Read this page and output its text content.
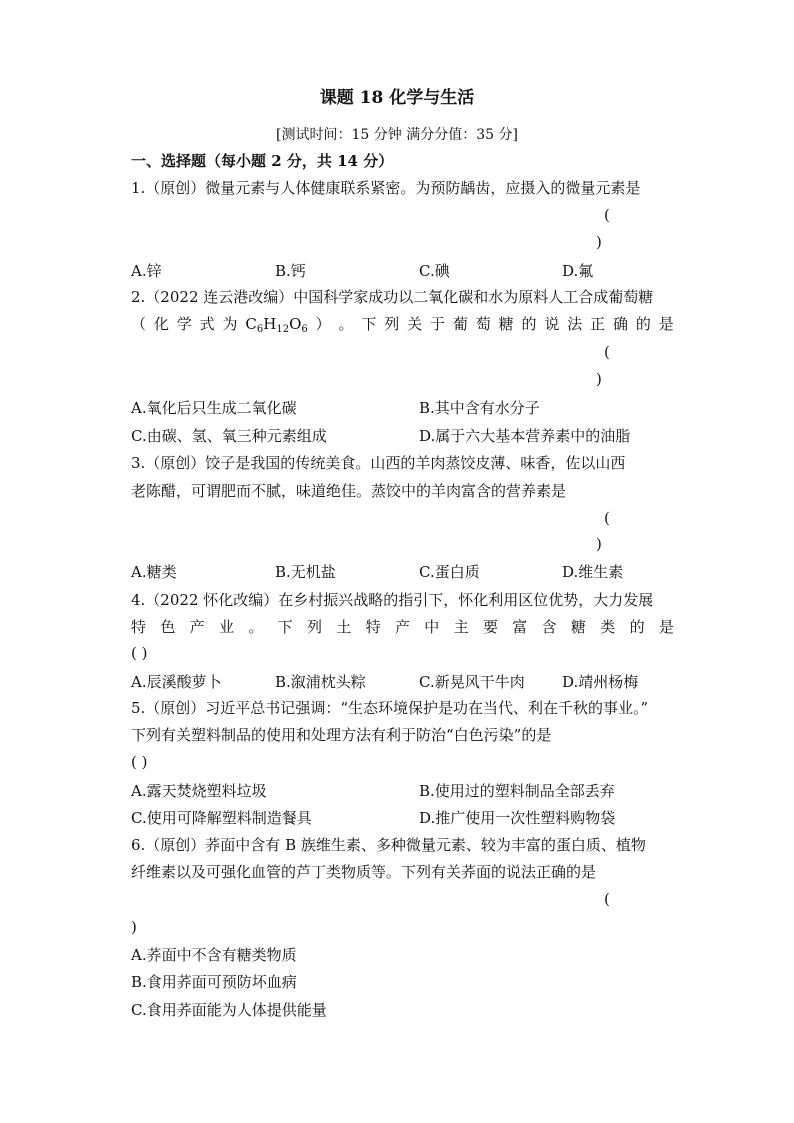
课题 18 化学与生活
[测试时间：15 分钟 满分分值：35 分]
一、选择题（每小题 2 分，共 14 分）
1.（原创）微量元素与人体健康联系紧密。为预防龋齿，应摄入的微量元素是
(
)
A.锌	B.钙	C.碘	D.氟
2.（2022 连云港改编）中国科学家成功以二氧化碳和水为原料人工合成葡萄糖
（ 化 学 式 为 $C_6H_{12}O_6$ ） 。 下 列 关 于 葡 萄 糖 的 说 法 正 确 的 是
(
)
A.氧化后只生成二氧化碳	B.其中含有水分子
C.由碳、氢、氧三种元素组成	D.属于六大基本营养素中的油脂
3.（原创）饺子是我国的传统美食。山西的羊肉蒸饺皮薄、味香，佐以山西
老陈醋，可谓肥而不腻，味道绝佳。蒸饺中的羊肉富含的营养素是
(
)
A.糖类	B.无机盐	C.蛋白质	D.维生素
4.（2022 怀化改编）在乡村振兴战略的指引下，怀化利用区位优势，大力发展
特 色 产 业 。 下 列 土 特 产 中 主 要 富 含 糖 类 的 是
( )
A.辰溪酸萝卜	B.溆浦枕头粽	C.新晃风干牛肉 D.靖州杨梅
5.（原创）习近平总书记强调：“生态环境保护是功在当代、利在千秋的事业。”
下列有关塑料制品的使用和处理方法有利于防治“白色污染”的是
( )
A.露天焚烧塑料垃圾	B.使用过的塑料制品全部丢弃
C.使用可降解塑料制造餐具	D.推广使用一次性塑料购物袋
6.（原创）荞面中含有 B 族维生素、多种微量元素、较为丰富的蛋白质、植物
纤维素以及可强化血管的芦丁类物质等。下列有关荞面的说法正确的是
(
)
A.荞面中不含有糖类物质
B.食用荞面可预防坏血病
C.食用荞面能为人体提供能量
